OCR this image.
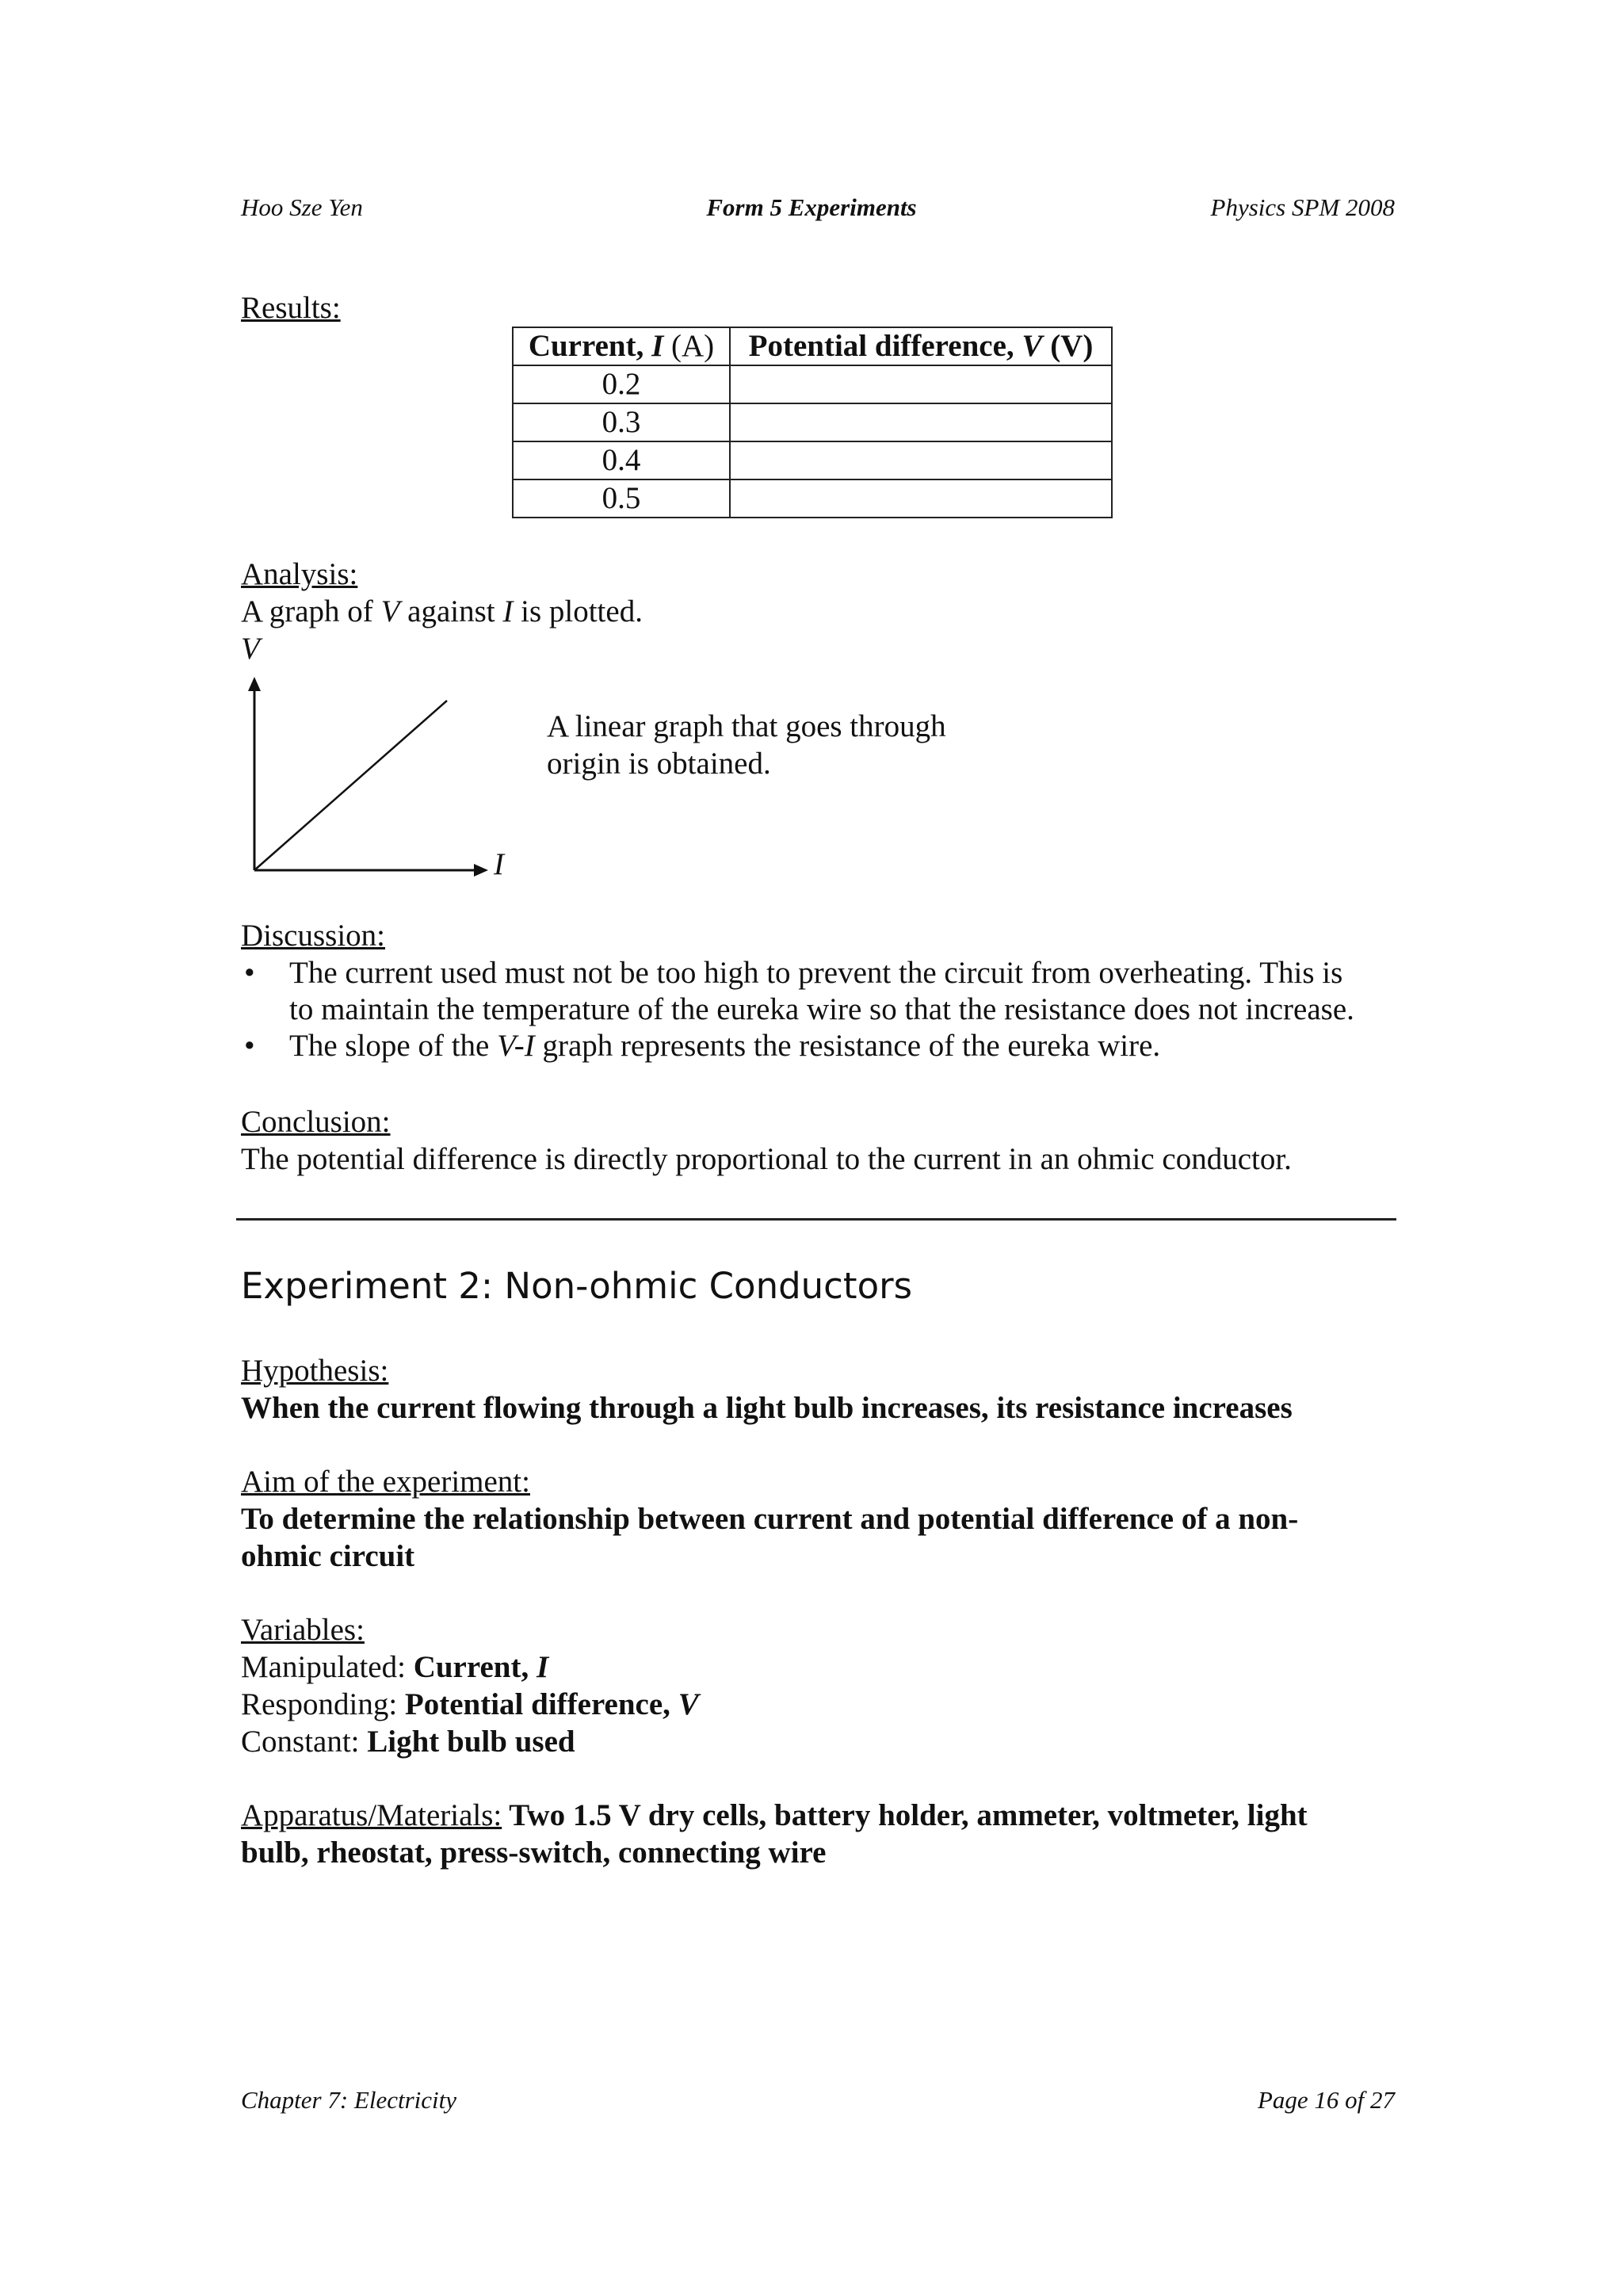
Hoo Sze Yen	Form 5 Experiments	Physics SPM 2008
Results:
Current, I (A)	Potential difference, V (V)
0.2	
0.3	
0.4	
0.5	
Analysis:
A graph of V against I is plotted.
V
I
A linear graph that goes through
origin is obtained.
Discussion:
• The current used must not be too high to prevent the circuit from overheating. This is
to maintain the temperature of the eureka wire so that the resistance does not increase.
• The slope of the V-I graph represents the resistance of the eureka wire.
Conclusion:
The potential difference is directly proportional to the current in an ohmic conductor.
Experiment 2: Non-ohmic Conductors
Hypothesis:
When the current flowing through a light bulb increases, its resistance increases
Aim of the experiment:
To determine the relationship between current and potential difference of a non-
ohmic circuit
Variables:
Manipulated: Current, I
Responding: Potential difference, V
Constant: Light bulb used
Apparatus/Materials: Two 1.5 V dry cells, battery holder, ammeter, voltmeter, light
bulb, rheostat, press-switch, connecting wire
Chapter 7: Electricity	Page 16 of 27
